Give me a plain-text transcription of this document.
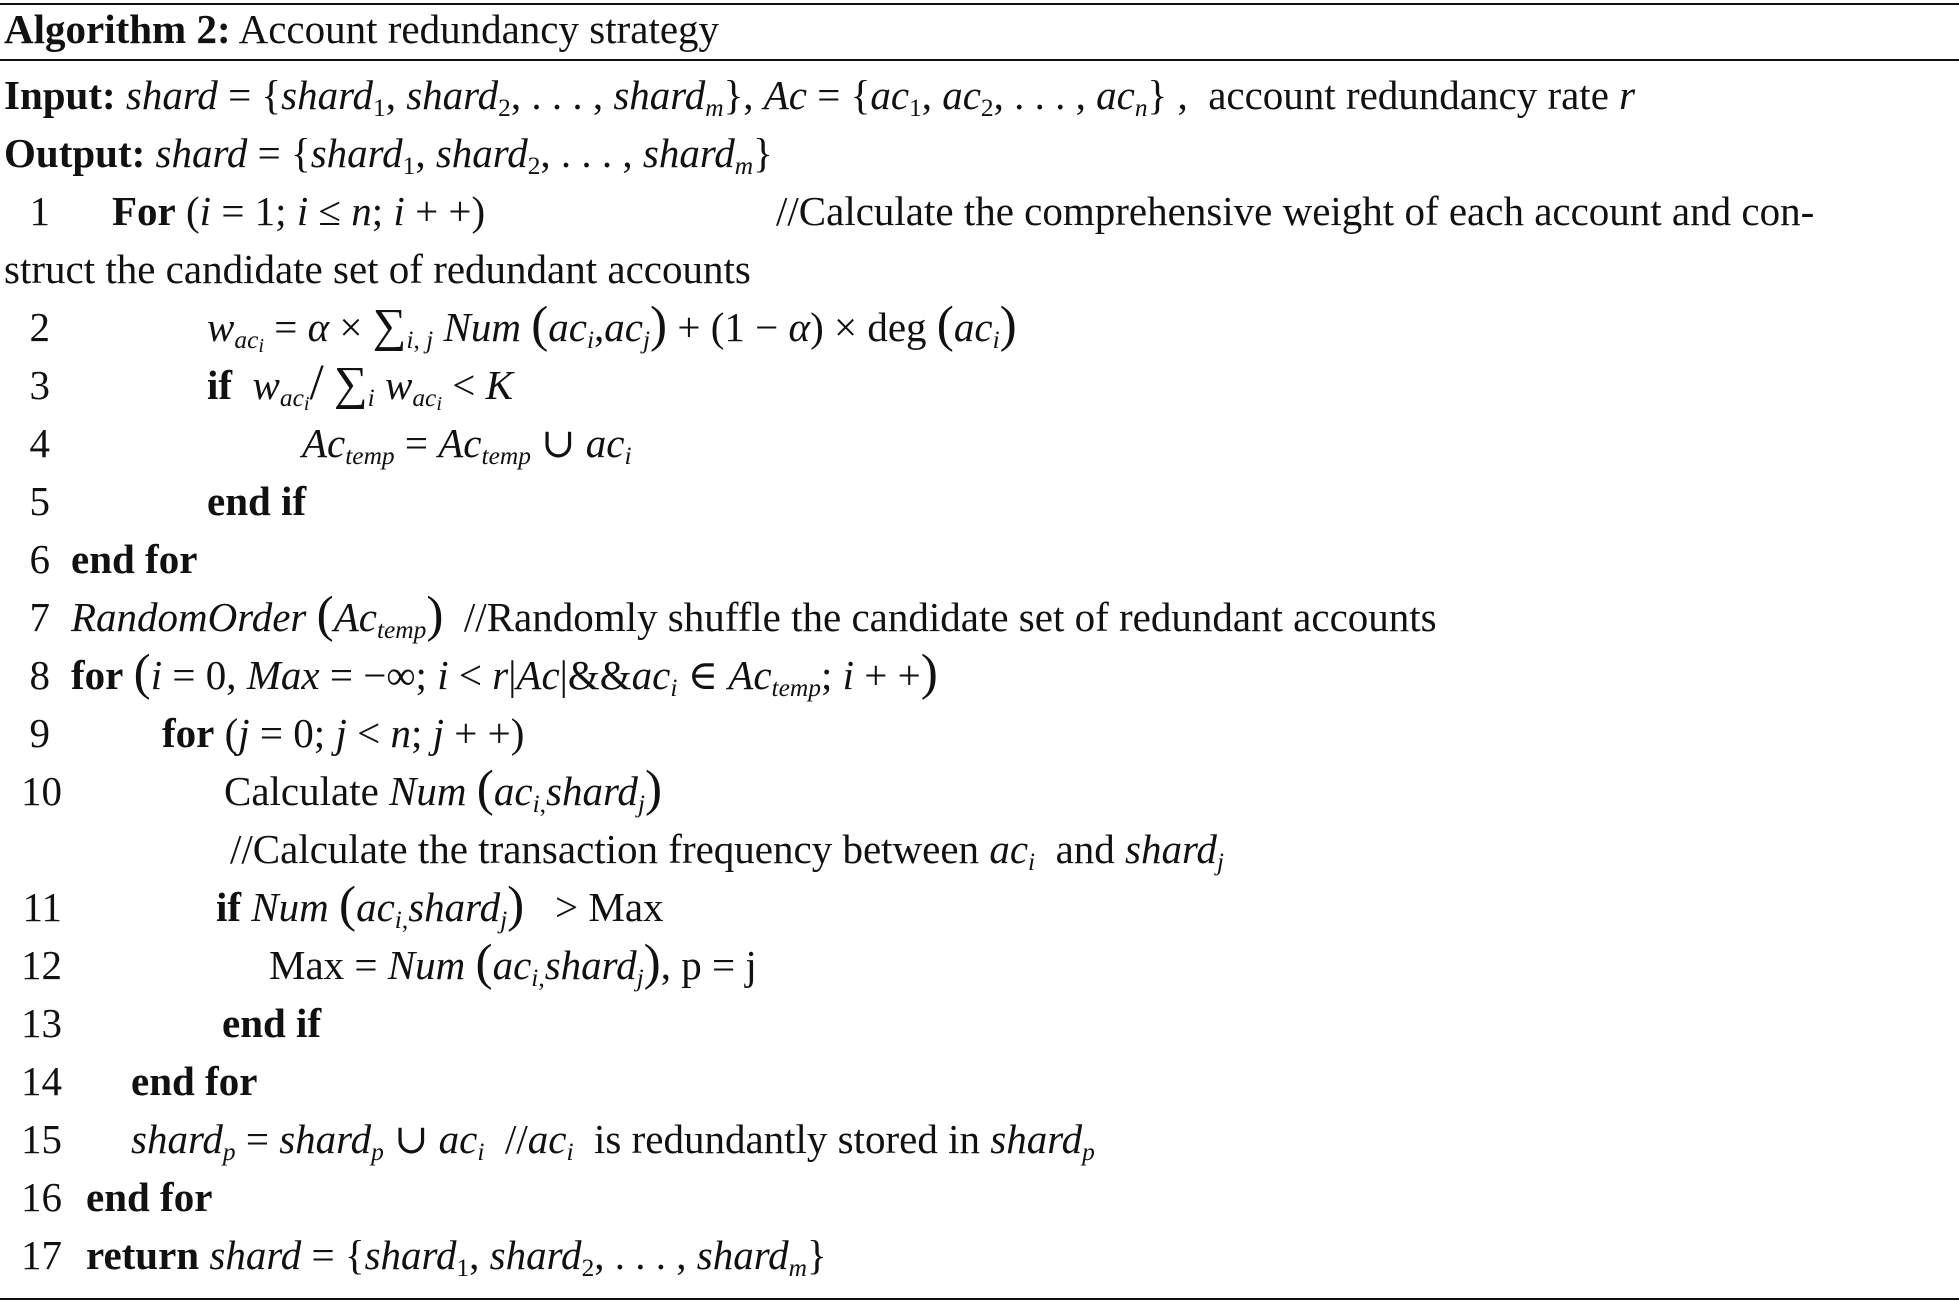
Algorithm 2: Account redundancy strategy
Input: shard = {shard$_1$, shard$_2$, . . . , shard$_m$}, $Ac = \{ac_1$, $ac_2$, . . . , $ac_n$} ,  account redundancy rate r
Output: shard = {shard$_1$, shard$_2$, . . . , shard$_m$}
1 For (i = 1; i ≤ n; i + +)	//Calculate the comprehensive weight of each account and con-
struct the candidate set of redundant accounts
2	$w_{ac_i} = \alpha \times \sum_{i, j}$ Num $(ac_i,ac_j) + (1 - \alpha)$ × deg $(ac_i)$
3	if $w_{ac_i}/$ $\sum_i$ $w_{ac_i} < K$
4	$Ac_{temp} = Ac_{temp}$ ∪ $ac_i$
5	end if
6 end for
7 RandomOrder $(Ac_{temp})$ //Randomly shuffle the candidate set of redundant accounts
8 for (i = 0, Max = −∞; $i < r|Ac|\&\&ac_i$ ∈ $Ac_{temp}$; i + +)
9	for (j = 0; j < n; j + +)
10	Calculate Num $(ac_{i,}shard_j)$
//Calculate the transaction frequency between $ac_i$ and shard$_j$
11	if Num $(ac_{i,}shard_j)$ > Max
12	Max = Num $(ac_{i,}shard_j)$, p = j
13	end if
14 end for
15 shard$_p$ = shard$_p$ ∪ $ac_i$  $//ac_i$ is redundantly stored in shard$_p$
16 end for
17 return shard = {shard$_1$, shard$_2$, . . . , shard$_m$}
